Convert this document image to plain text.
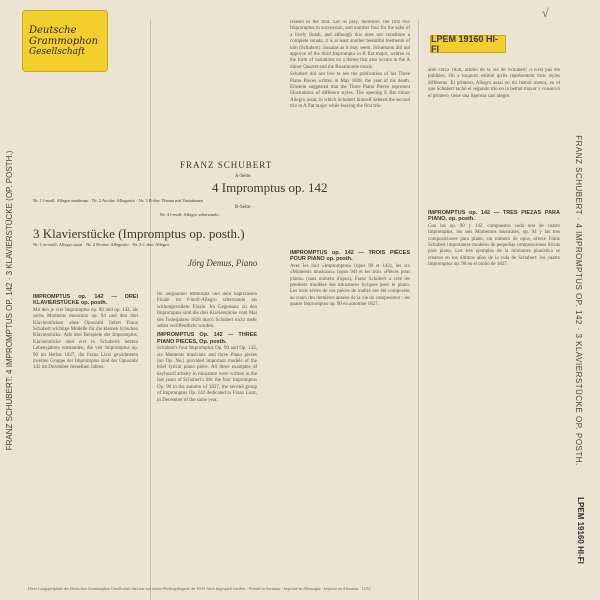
Deutsche
Grammophon
Gesellschaft
√
LPEM 19160 HI-FI
FRANZ SCHUBERT: 4 IMPROMPTUS OP. 142 · 3 KLAVIERSTÜCKE (OP. POSTH.)	FRANZ SCHUBERT · 4 IMPROMPTUS OP. 142 · 3 KLAVIERSTÜCKE OP. POSTH.
LPEM 19160 HI-FI
FRANZ SCHUBERT
A-Seite:
4 Impromptus op. 142
Nr. 1 f-moll: Allegro moderato · Nr. 2 As-dur: Allegretto · Nr. 3 B-dur: Thema mit Variationen
B-Seite:
Nr. 4 f-moll: Allegro scherzando
3 Klavierstücke (Impromptus op. posth.)
Nr. 1 es-moll: Allegro assai · Nr. 2 Es-dur: Allegretto · Nr. 3 C-dur: Allegro
Jörg Demus, Piano
IMPROMPTUS op. 142 — DREI KLAVIERSTÜCKE op. posth.

Mit den je vier Impromptus op. 90 und op. 142, als sechs Moments musicaux op. 94 und den drei Klavierstücken ohne Opuszahl liefert Franz Schubert wichtige Modelle für die kleinen lyrischen Klavierstücke. Alle drei Beispiele der Impromptus, Klavierstücke sind erst in Schuberts letzten Lebensjahren entstanden, die vier Impromptus op. 90 im Herbst 1827, die Franz Liszt gewidmeten zweiten Gruppe der Impromptus sind der Opuszahl 142 im Dezember desselben Jahres.

Im langsamen Mittelsatz und dem kapriziösen Finale im f-moll-Allegro scherzando als wirkungsvollem Finale. Im Gegensatz zu den Impromptus sind die drei Klavierstücke vom Mai des Todesjahres 1828 durch Schubert nicht mehr selbst veröffentlicht worden.

IMPROMPTUS Op. 142 — THREE PIANO PIECES, Op. posth.

Schubert's four Impromptus Op. 90 and Op. 142, six Moments musicaux and three Piano pieces (no Op. No.) provided important models of the brief lyrical piano piece. All three examples of keyboard artistry in miniature were written in the last years of Schubert's life: the four Impromptus Op. 90 in the autumn of 1827, the second group of Impromptus Op. 142 dedicated to Franz Liszt, in December of the same year.

related to the first. Let us play, therefore, the first two Impromptus in succession, and number four for the sake of a lively finish, and although this does not constitute a complete sonata, it is at least another beautiful memento of him (Schubert). Sonatas as it may seem, Schumann did not approve of the third Impromptu in B flat major, written in the form of variations on a theme that also occurs in the A minor Quartet and the Rosamunde music.

Schubert did not live to see the publication of his Three Piano Pieces written in May 1828, the year of his death. Einstein suggested that the Three Piano Pieces represent illustrations of different styles. The opening E flat minor Allegro assai, in which Schubert himself deleted the second trio in A flat major while leaving the first trio.

IMPROMPTUS op. 142 — TROIS PIÈCES POUR PIANO op. posth.

Avec les huit «Impromptus» (opus 90 et 142), les six «Moments musicaux» (opus 94) et les trois «Pièces pour piano» (sans numéro d'opus), Franz Schubert a créé les premiers modèles des miniatures lyriques pour le piano. Les trois séries de ces pièces de maître ont été composées au cours des dernières années de la vie du compositeur : les quatre Impromptus op. 90 en automne 1827.

ante cerca 1828, último de la vie de Schubert; il n'est pas été publiées. On a toujours estimé qu'ils représentent trois styles différents. El primero, Allegro assai en mi bemol menor, en el que Schubert tachó el segundo trío en la bemol mayor y conservó el primero, tiene una ligereza casi alegre.

IMPROMPTUS op. 142 — TRES PIEZAS PARA PIANO, op. posth.

Con los op. 90 y 142, compuestos cada uno de cuatro Impromptus, los seis Momentos musicales, op. 94 y las tres composiciones para piano, sin número de opus, ofrece Franz Schubert importantes modelos de pequeñas composiciones líricas para piano. Los tres ejemplos de la miniatura pianística se crearon en los últimos años de la vida de Schubert: los cuatro Impromptus op. 90 en el otoño de 1827.

Diese Langspielplatte der Deutschen Grammophon Gesellschaft darf nur mit einem Wiedergabegerät der Hi-Fi Serie abgespielt werden. · Printed in Germany · Imprimé en Allemagne · Impreso en Alemania · 12/62
